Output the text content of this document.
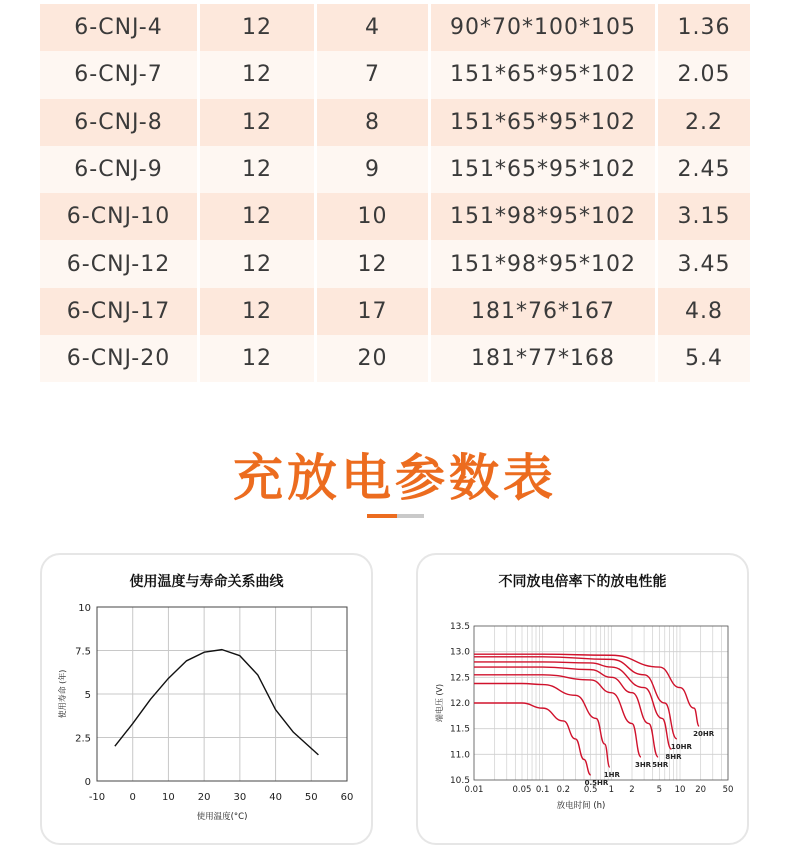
6-CNJ-4	12	4	90*70*100*105	1.36
6-CNJ-7	12	7	151*65*95*102	2.05
6-CNJ-8	12	8	151*65*95*102	2.2
6-CNJ-9	12	9	151*65*95*102	2.45
6-CNJ-10	12	10	151*98*95*102	3.15
6-CNJ-12	12	12	151*98*95*102	3.45
6-CNJ-17	12	17	181*76*167	4.8
6-CNJ-20	12	20	181*77*168	5.4
充放电参数表
使用温度与寿命关系曲线
-10 0	10 20 30 40 50 60
0
2.5
5
7.5
10
使用温度(°C)
使用寿命 (年)
不同放电倍率下的放电性能
10.5
11.0
11.5
12.0
12.5
13.0
13.5
0.01	0.05 0.1 0.2 0.5 1 2	5 10 20 50
0.5HR
1HR
3HR 5HR
8HR
10HR
20HR
放电时间 (h)
端电压 (V)
